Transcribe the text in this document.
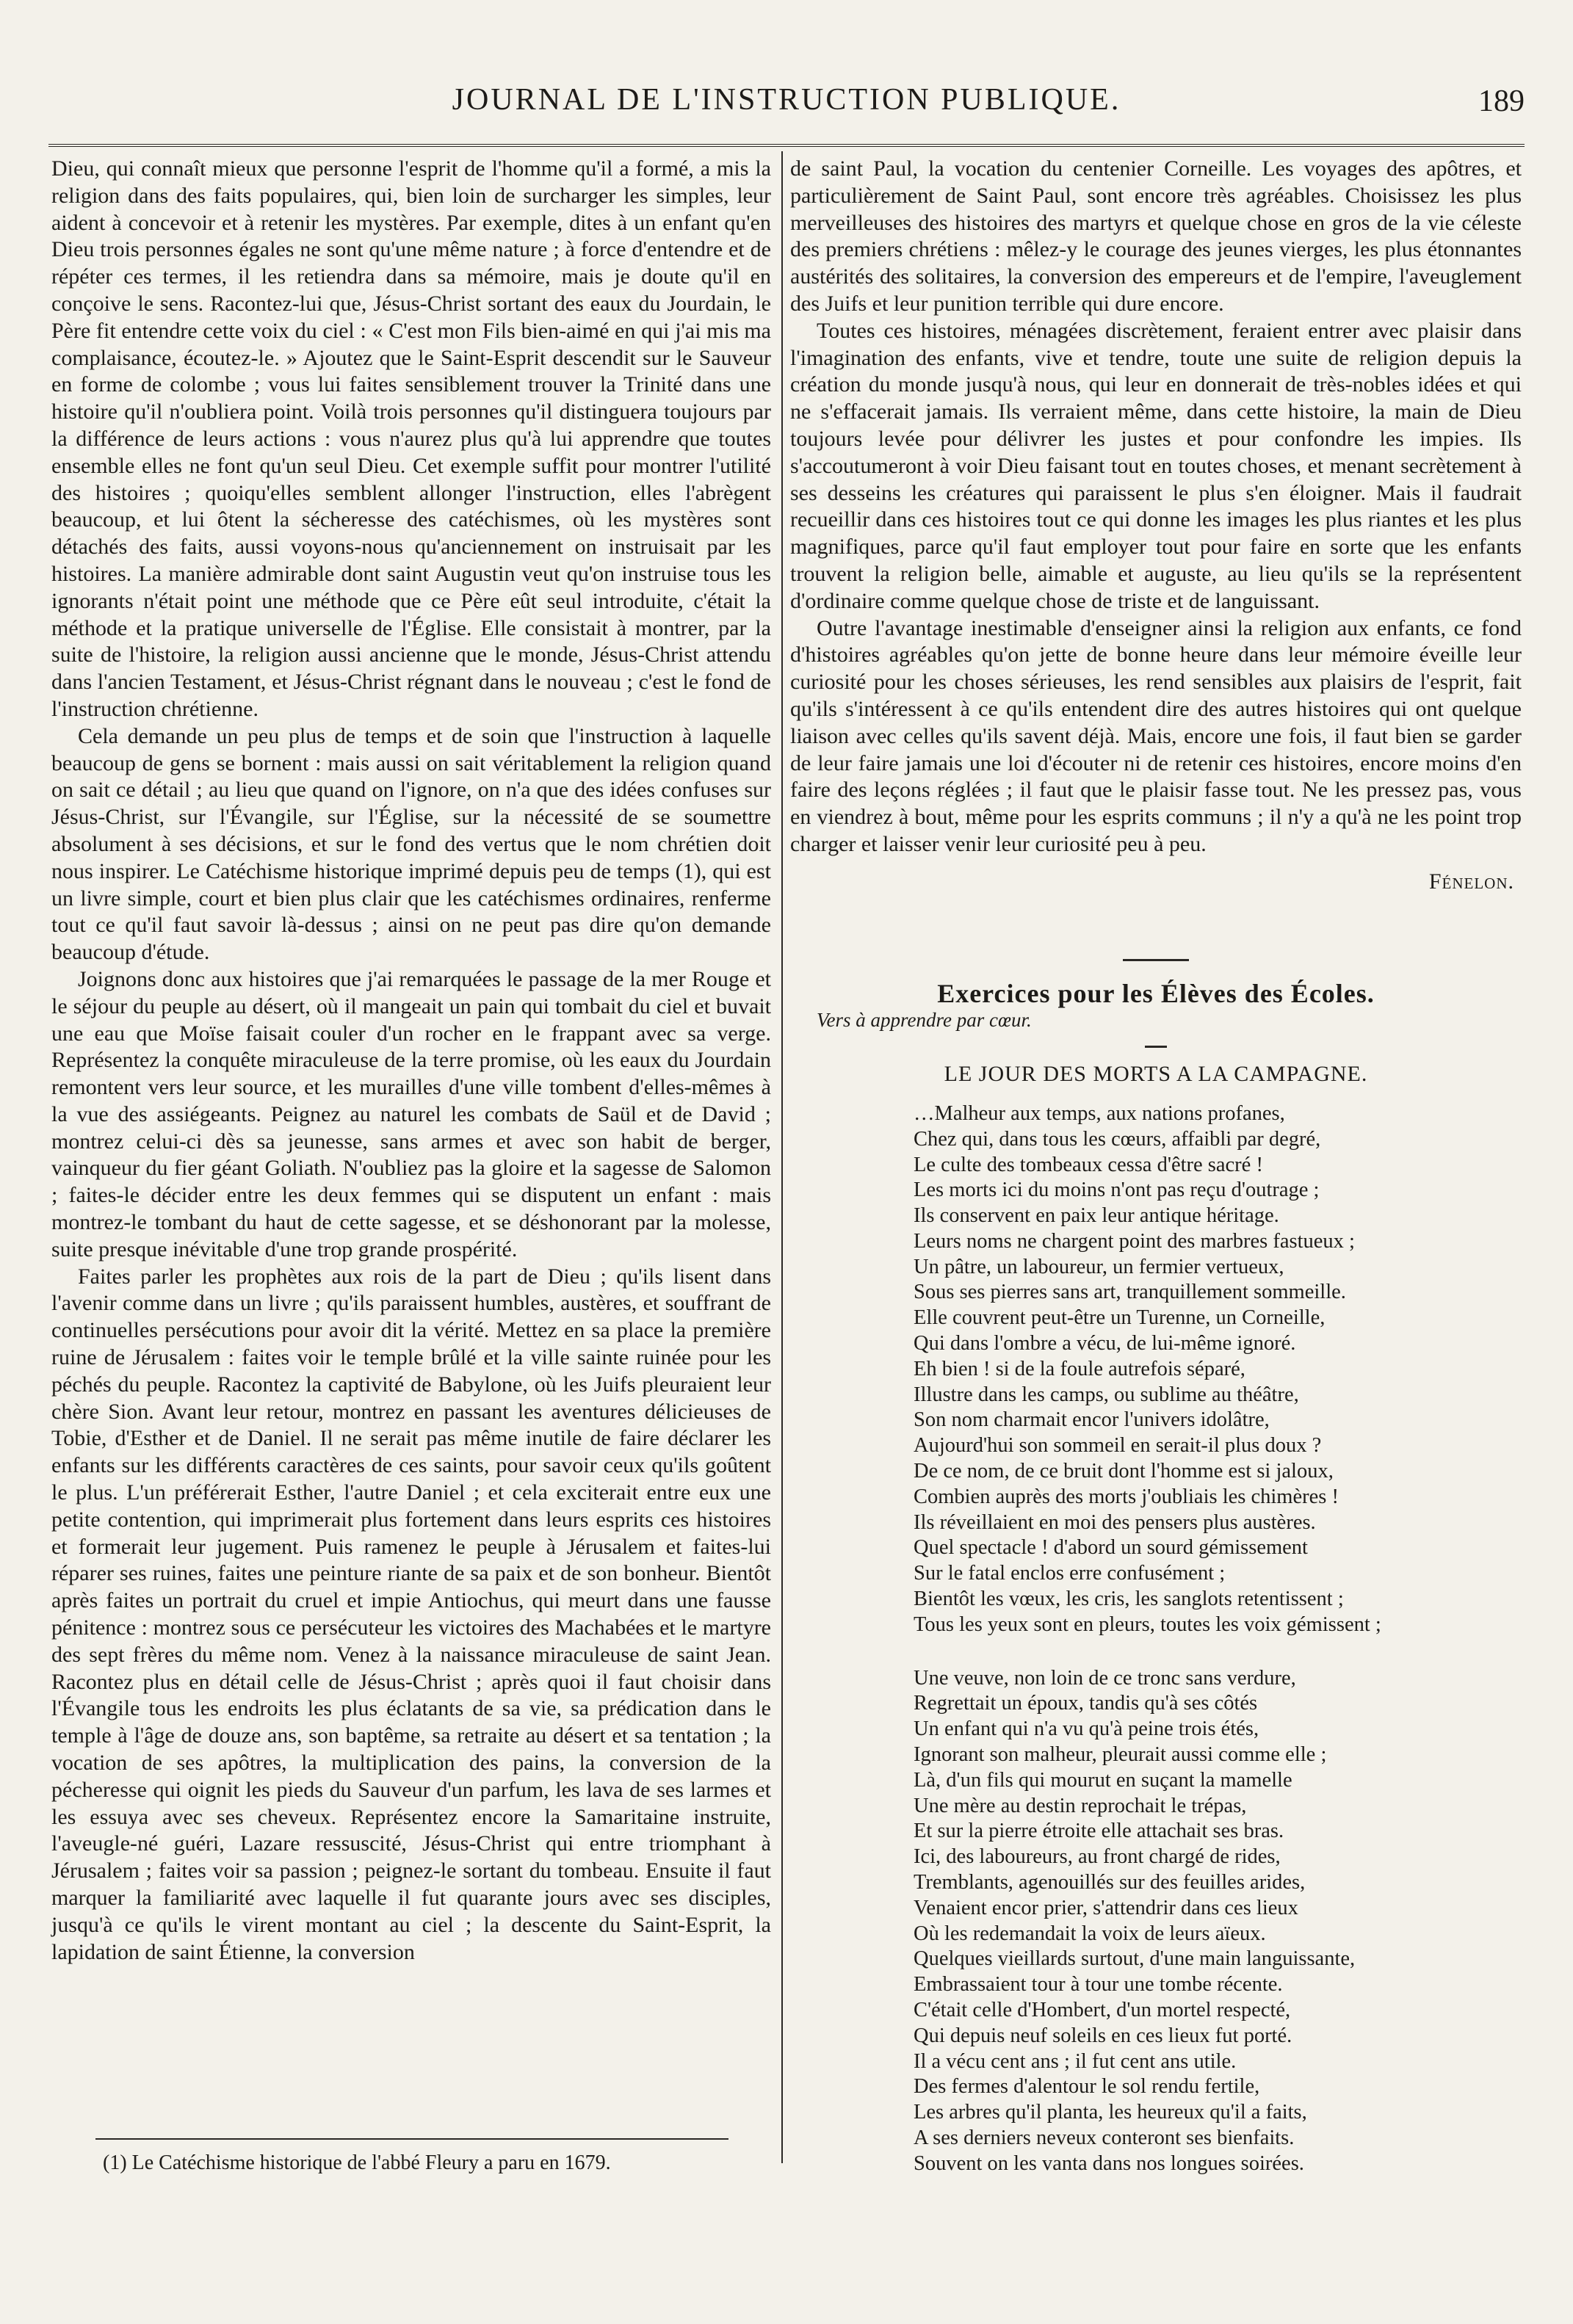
JOURNAL DE L'INSTRUCTION PUBLIQUE.	189

Dieu, qui connaît mieux que personne l'esprit de l'homme qu'il a formé, a mis la religion dans des faits populaires, qui, bien loin de surcharger les simples, leur aident à concevoir et à retenir les mystères. Par exemple, dites à un enfant qu'en Dieu trois personnes égales ne sont qu'une même nature ; à force d'entendre et de répéter ces termes, il les retiendra dans sa mémoire, mais je doute qu'il en conçoive le sens. Racontez-lui que, Jésus-Christ sortant des eaux du Jourdain, le Père fit entendre cette voix du ciel : « C'est mon Fils bien-aimé en qui j'ai mis ma complaisance, écoutez-le. » Ajoutez que le Saint-Esprit descendit sur le Sauveur en forme de colombe ; vous lui faites sensiblement trouver la Trinité dans une histoire qu'il n'oubliera point. Voilà trois personnes qu'il distinguera toujours par la différence de leurs actions : vous n'aurez plus qu'à lui apprendre que toutes ensemble elles ne font qu'un seul Dieu. Cet exemple suffit pour montrer l'utilité des histoires ; quoiqu'elles semblent allonger l'instruction, elles l'abrègent beaucoup, et lui ôtent la sécheresse des catéchismes, où les mystères sont détachés des faits, aussi voyons-nous qu'anciennement on instruisait par les histoires. La manière admirable dont saint Augustin veut qu'on instruise tous les ignorants n'était point une méthode que ce Père eût seul introduite, c'était la méthode et la pratique universelle de l'Église. Elle consistait à montrer, par la suite de l'histoire, la religion aussi ancienne que le monde, Jésus-Christ attendu dans l'ancien Testament, et Jésus-Christ régnant dans le nouveau ; c'est le fond de l'instruction chrétienne.

Cela demande un peu plus de temps et de soin que l'instruction à laquelle beaucoup de gens se bornent : mais aussi on sait véritablement la religion quand on sait ce détail ; au lieu que quand on l'ignore, on n'a que des idées confuses sur Jésus-Christ, sur l'Évangile, sur l'Église, sur la nécessité de se soumettre absolument à ses décisions, et sur le fond des vertus que le nom chrétien doit nous inspirer. Le Catéchisme historique imprimé depuis peu de temps (1), qui est un livre simple, court et bien plus clair que les catéchismes ordinaires, renferme tout ce qu'il faut savoir là-dessus ; ainsi on ne peut pas dire qu'on demande beaucoup d'étude.

Joignons donc aux histoires que j'ai remarquées le passage de la mer Rouge et le séjour du peuple au désert, où il mangeait un pain qui tombait du ciel et buvait une eau que Moïse faisait couler d'un rocher en le frappant avec sa verge. Représentez la conquête miraculeuse de la terre promise, où les eaux du Jourdain remontent vers leur source, et les murailles d'une ville tombent d'elles-mêmes à la vue des assiégeants. Peignez au naturel les combats de Saül et de David ; montrez celui-ci dès sa jeunesse, sans armes et avec son habit de berger, vainqueur du fier géant Goliath. N'oubliez pas la gloire et la sagesse de Salomon ; faites-le décider entre les deux femmes qui se disputent un enfant : mais montrez-le tombant du haut de cette sagesse, et se déshonorant par la molesse, suite presque inévitable d'une trop grande prospérité.

Faites parler les prophètes aux rois de la part de Dieu ; qu'ils lisent dans l'avenir comme dans un livre ; qu'ils paraissent humbles, austères, et souffrant de continuelles persécutions pour avoir dit la vérité. Mettez en sa place la première ruine de Jérusalem : faites voir le temple brûlé et la ville sainte ruinée pour les péchés du peuple. Racontez la captivité de Babylone, où les Juifs pleuraient leur chère Sion. Avant leur retour, montrez en passant les aventures délicieuses de Tobie, d'Esther et de Daniel. Il ne serait pas même inutile de faire déclarer les enfants sur les différents caractères de ces saints, pour savoir ceux qu'ils goûtent le plus. L'un préférerait Esther, l'autre Daniel ; et cela exciterait entre eux une petite contention, qui imprimerait plus fortement dans leurs esprits ces histoires et formerait leur jugement. Puis ramenez le peuple à Jérusalem et faites-lui réparer ses ruines, faites une peinture riante de sa paix et de son bonheur. Bientôt après faites un portrait du cruel et impie Antiochus, qui meurt dans une fausse pénitence : montrez sous ce persécuteur les victoires des Machabées et le martyre des sept frères du même nom. Venez à la naissance miraculeuse de saint Jean. Racontez plus en détail celle de Jésus-Christ ; après quoi il faut choisir dans l'Évangile tous les endroits les plus éclatants de sa vie, sa prédication dans le temple à l'âge de douze ans, son baptême, sa retraite au désert et sa tentation ; la vocation de ses apôtres, la multiplication des pains, la conversion de la pécheresse qui oignit les pieds du Sauveur d'un parfum, les lava de ses larmes et les essuya avec ses cheveux. Représentez encore la Samaritaine instruite, l'aveugle-né guéri, Lazare ressuscité, Jésus-Christ qui entre triomphant à Jérusalem ; faites voir sa passion ; peignez-le sortant du tombeau. Ensuite il faut marquer la familiarité avec laquelle il fut quarante jours avec ses disciples, jusqu'à ce qu'ils le virent montant au ciel ; la descente du Saint-Esprit, la lapidation de saint Étienne, la conversion

(1) Le Catéchisme historique de l'abbé Fleury a paru en 1679.

de saint Paul, la vocation du centenier Corneille. Les voyages des apôtres, et particulièrement de Saint Paul, sont encore très agréables. Choisissez les plus merveilleuses des histoires des martyrs et quelque chose en gros de la vie céleste des premiers chrétiens : mêlez-y le courage des jeunes vierges, les plus étonnantes austérités des solitaires, la conversion des empereurs et de l'empire, l'aveuglement des Juifs et leur punition terrible qui dure encore.

Toutes ces histoires, ménagées discrètement, feraient entrer avec plaisir dans l'imagination des enfants, vive et tendre, toute une suite de religion depuis la création du monde jusqu'à nous, qui leur en donnerait de très-nobles idées et qui ne s'effacerait jamais. Ils verraient même, dans cette histoire, la main de Dieu toujours levée pour délivrer les justes et pour confondre les impies. Ils s'accoutumeront à voir Dieu faisant tout en toutes choses, et menant secrètement à ses desseins les créatures qui paraissent le plus s'en éloigner. Mais il faudrait recueillir dans ces histoires tout ce qui donne les images les plus riantes et les plus magnifiques, parce qu'il faut employer tout pour faire en sorte que les enfants trouvent la religion belle, aimable et auguste, au lieu qu'ils se la représentent d'ordinaire comme quelque chose de triste et de languissant.

Outre l'avantage inestimable d'enseigner ainsi la religion aux enfants, ce fond d'histoires agréables qu'on jette de bonne heure dans leur mémoire éveille leur curiosité pour les choses sérieuses, les rend sensibles aux plaisirs de l'esprit, fait qu'ils s'intéressent à ce qu'ils entendent dire des autres histoires qui ont quelque liaison avec celles qu'ils savent déjà. Mais, encore une fois, il faut bien se garder de leur faire jamais une loi d'écouter ni de retenir ces histoires, encore moins d'en faire des leçons réglées ; il faut que le plaisir fasse tout. Ne les pressez pas, vous en viendrez à bout, même pour les esprits communs ; il n'y a qu'à ne les point trop charger et laisser venir leur curiosité peu à peu.

Fénelon.
Exercices pour les Élèves des Écoles.

Vers à apprendre par cœur.

LE JOUR DES MORTS A LA CAMPAGNE.
…Malheur aux temps, aux nations profanes,
Chez qui, dans tous les cœurs, affaibli par degré,
Le culte des tombeaux cessa d'être sacré !
Les morts ici du moins n'ont pas reçu d'outrage ;
Ils conservent en paix leur antique héritage.
Leurs noms ne chargent point des marbres fastueux ;
Un pâtre, un laboureur, un fermier vertueux,
Sous ses pierres sans art, tranquillement sommeille.
Elle couvrent peut-être un Turenne, un Corneille,
Qui dans l'ombre a vécu, de lui-même ignoré.
Eh bien ! si de la foule autrefois séparé,
Illustre dans les camps, ou sublime au théâtre,
Son nom charmait encor l'univers idolâtre,
Aujourd'hui son sommeil en serait-il plus doux ?
De ce nom, de ce bruit dont l'homme est si jaloux,
Combien auprès des morts j'oubliais les chimères !
Ils réveillaient en moi des pensers plus austères.
Quel spectacle ! d'abord un sourd gémissement
Sur le fatal enclos erre confusément ;
Bientôt les vœux, les cris, les sanglots retentissent ;
Tous les yeux sont en pleurs, toutes les voix gémissent ;
Une veuve, non loin de ce tronc sans verdure,
Regrettait un époux, tandis qu'à ses côtés
Un enfant qui n'a vu qu'à peine trois étés,
Ignorant son malheur, pleurait aussi comme elle ;
Là, d'un fils qui mourut en suçant la mamelle
Une mère au destin reprochait le trépas,
Et sur la pierre étroite elle attachait ses bras.
Ici, des laboureurs, au front chargé de rides,
Tremblants, agenouillés sur des feuilles arides,
Venaient encor prier, s'attendrir dans ces lieux
Où les redemandait la voix de leurs aïeux.
Quelques vieillards surtout, d'une main languissante,
Embrassaient tour à tour une tombe récente.
C'était celle d'Hombert, d'un mortel respecté,
Qui depuis neuf soleils en ces lieux fut porté.
Il a vécu cent ans ; il fut cent ans utile.
Des fermes d'alentour le sol rendu fertile,
Les arbres qu'il planta, les heureux qu'il a faits,
A ses derniers neveux conteront ses bienfaits.
Souvent on les vanta dans nos longues soirées.
